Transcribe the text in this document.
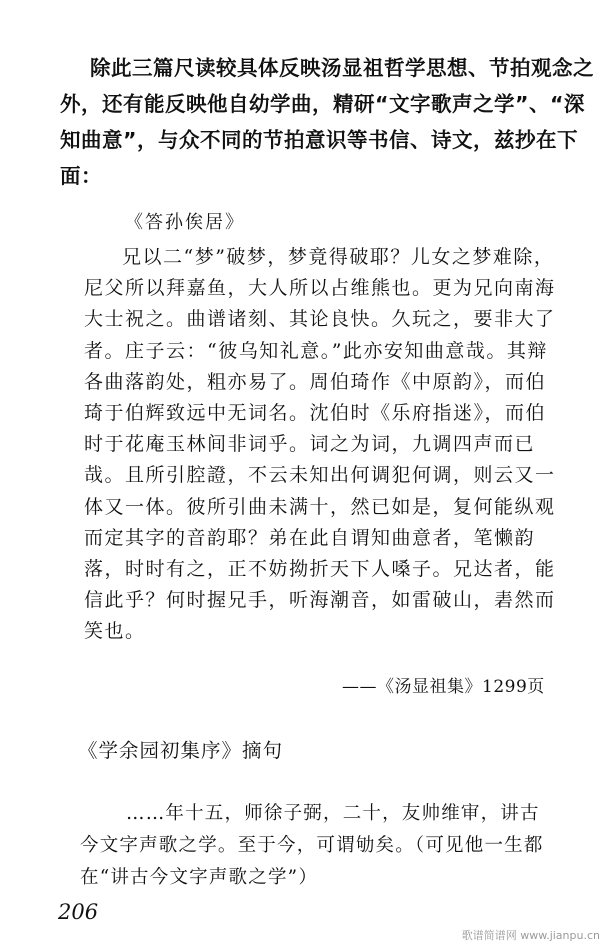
除此三篇尺读较具体反映汤显祖哲学思想、节拍观念之外，还有能反映他自幼学曲，精研“文字歌声之学”、“深知曲意”，与众不同的节拍意识等书信、诗文，兹抄在下面：

《答孙俟居》

兄以二“梦”破梦，梦竟得破耶？儿女之梦难除，尼父所以拜嘉鱼，大人所以占维熊也。更为兄向南海大士祝之。曲谱诸刻、其论良快。久玩之，要非大了者。庄子云：“彼乌知礼意。”此亦安知曲意哉。其辩各曲落韵处，粗亦易了。周伯琦作《中原韵》，而伯琦于伯辉致远中无词名。沈伯时《乐府指迷》，而伯时于花庵玉林间非词乎。词之为词，九调四声而已哉。且所引腔證，不云未知出何调犯何调，则云又一体又一体。彼所引曲未满十，然已如是，复何能纵观而定其字的音韵耶？弟在此自谓知曲意者，笔懒韵落，时时有之，正不妨拗折天下人嗓子。兄达者，能信此乎？何时握兄手，听海潮音，如雷破山，砉然而笑也。

——《汤显祖集》1299页
《学余园初集序》摘句

……年十五，师徐子弼，二十，友帅维审，讲古今文字声歌之学。至于今，可谓劬矣。（可见他一生都在“讲古今文字声歌之学”）

206
歌谱简谱网 www.jianpu.cn
